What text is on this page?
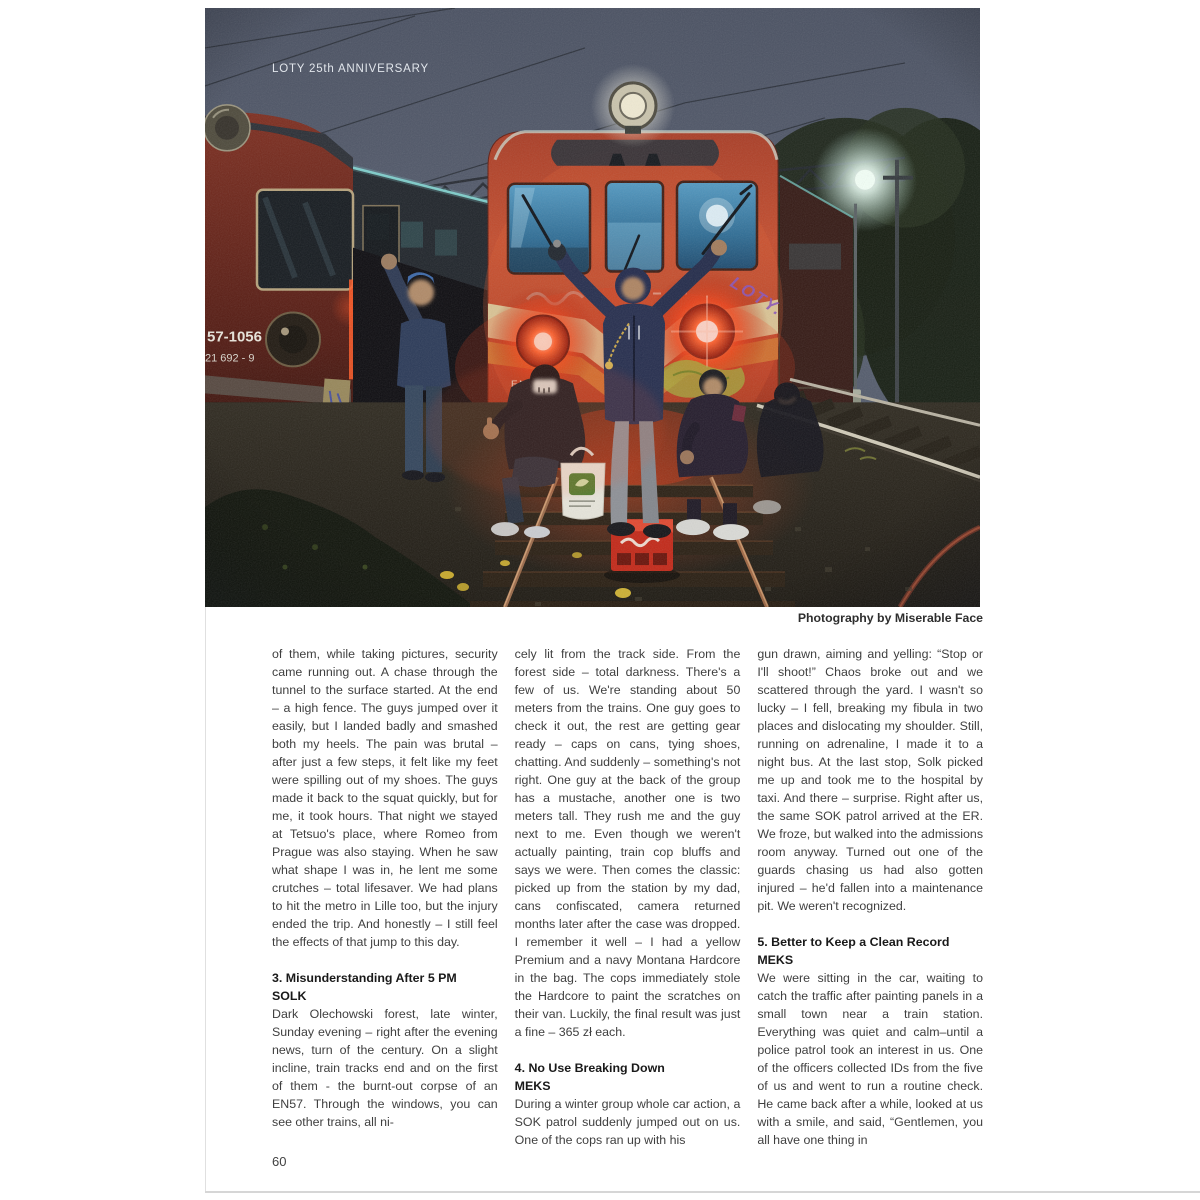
LOTY 25th ANNIVERSARY
Photography by Miserable Face

of them, while taking pictures, security came running out. A chase through the tunnel to the surface started. At the end – a high fence. The guys jumped over it easily, but I landed badly and smashed both my heels. The pain was brutal – after just a few steps, it felt like my feet were spilling out of my shoes. The guys made it back to the squat quickly, but for me, it took hours. That night we stayed at Tetsuo's place, where Romeo from Prague was also staying. When he saw what shape I was in, he lent me some crutches – total lifesaver. We had plans to hit the metro in Lille too, but the injury ended the trip. And honestly – I still feel the effects of that jump to this day.

3. Misunderstanding After 5 PM
SOLK

Dark Olechowski forest, late winter, Sunday evening – right after the evening news, turn of the century. On a slight incline, train tracks end and on the first of them - the burnt-out corpse of an EN57. Through the windows, you can see other trains, all ni-

cely lit from the track side. From the forest side – total darkness. There's a few of us. We're standing about 50 meters from the trains. One guy goes to check it out, the rest are getting gear ready – caps on cans, tying shoes, chatting. And suddenly – something's not right. One guy at the back of the group has a mustache, another one is two meters tall. They rush me and the guy next to me. Even though we weren't actually painting, train cop bluffs and says we were. Then comes the classic: picked up from the station by my dad, cans confiscated, camera returned months later after the case was dropped. I remember it well – I had a yellow Premium and a navy Montana Hardcore in the bag. The cops immediately stole the Hardcore to paint the scratches on their van. Luckily, the final result was just a fine – 365 zł each.

4. No Use Breaking Down
MEKS

During a winter group whole car action, a SOK patrol suddenly jumped out on us. One of the cops ran up with his

gun drawn, aiming and yelling: “Stop or I'll shoot!” Chaos broke out and we scattered through the yard. I wasn't so lucky – I fell, breaking my fibula in two places and dislocating my shoulder. Still, running on adrenaline, I made it to a night bus. At the last stop, Solk picked me up and took me to the hospital by taxi. And there – surprise. Right after us, the same SOK patrol arrived at the ER. We froze, but walked into the admissions room anyway. Turned out one of the guards chasing us had also gotten injured – he'd fallen into a maintenance pit. We weren't recognized.

5. Better to Keep a Clean Record
MEKS

We were sitting in the car, waiting to catch the traffic after painting panels in a small town near a train station. Everything was quiet and calm–until a police patrol took an interest in us. One of the officers collected IDs from the five of us and went to run a routine check. He came back after a while, looked at us with a smile, and said, “Gentlemen, you all have one thing in

60
